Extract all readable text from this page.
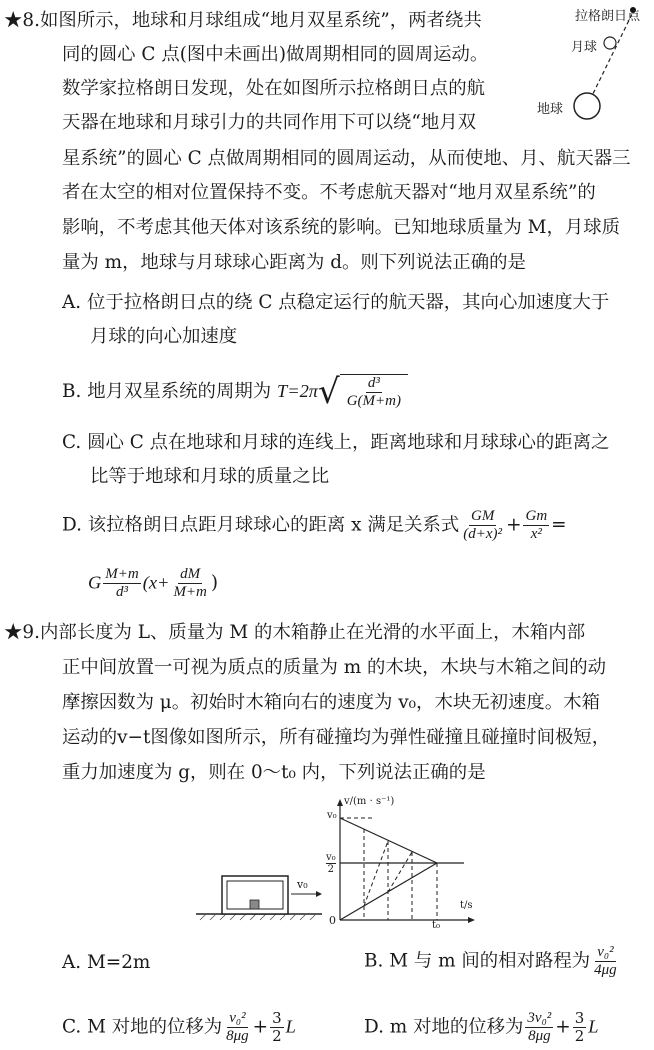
★8.如图所示，地球和月球组成“地月双星系统”，两者绕共
同的圆心 C 点(图中未画出)做周期相同的圆周运动。
数学家拉格朗日发现，处在如图所示拉格朗日点的航
天器在地球和月球引力的共同作用下可以绕“地月双
星系统”的圆心 C 点做周期相同的圆周运动，从而使地、月、航天器三
者在太空的相对位置保持不变。不考虑航天器对“地月双星系统”的
影响，不考虑其他天体对该系统的影响。已知地球质量为 M，月球质
量为 m，地球与月球球心距离为 d。则下列说法正确的是
拉格朗日点
月球
地球
A. 位于拉格朗日点的绕 C 点稳定运行的航天器，其向心加速度大于
月球的向心加速度
B. 地月双星系统的周期为 T=2π √ $\frac{\text{d³}}{G(M+m)}$
C. 圆心 C 点在地球和月球的连线上，距离地球和月球球心的距离之
比等于地球和月球的质量之比
D. 该拉格朗日点距月球球心的距离 x 满足关系式 $\frac{GM}{\text{(d+x)²}} + \frac{Gm}{\text{x²}}$ =
G $\frac{M+m}{\text{d³}} (x+ \frac{dM}{M+m}$ )
★9.内部长度为 L、质量为 M 的木箱静止在光滑的水平面上，木箱内部
正中间放置一可视为质点的质量为 m 的木块，木块与木箱之间的动
摩擦因数为 μ。初始时木箱向右的速度为 v₀，木块无初速度。木箱
运动的v−t图像如图所示，所有碰撞均为弹性碰撞且碰撞时间极短，
重力加速度为 g，则在 0～t₀ 内，下列说法正确的是
v₀
v/(m · s⁻¹)
t/s
v₀
v₀
2
0	t₀
A. M=2m	B. M 与 m 间的相对路程为 $\frac{\text{v₀²}}{4\mu g}$
C. M 对地的位移为 $\frac{\text{v₀²}}{8\mu g} + \frac{3}{2}$ L	D. m 对地的位移为 $\frac{\text{3v₀²}}{8\mu g} + \frac{3}{2}$ L
